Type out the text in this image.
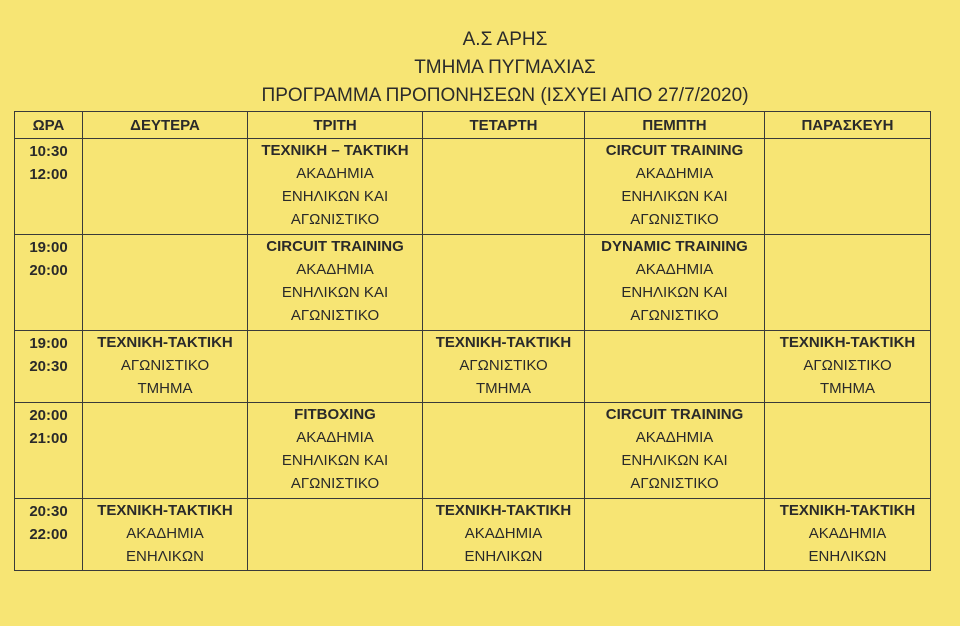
Α.Σ ΑΡΗΣ
ΤΜΗΜΑ ΠΥΓΜΑΧΙΑΣ
ΠΡΟΓΡΑΜΜΑ ΠΡΟΠΟΝΗΣΕΩΝ (ΙΣΧΥΕΙ ΑΠΟ 27/7/2020)
ΩΡΑ	ΔΕΥΤΕΡΑ	ΤΡΙΤΗ	ΤΕΤΑΡΤΗ	ΠΕΜΠΤΗ	ΠΑΡΑΣΚΕΥΗ

10:30
12:00		ΤΕΧΝΙΚΗ – ΤΑΚΤΙΚΗ
ΑΚΑΔΗΜΙΑ
ΕΝΗΛΙΚΩΝ ΚΑΙ
ΑΓΩΝΙΣΤΙΚΟ		CIRCUIT TRAINING
ΑΚΑΔΗΜΙΑ
ΕΝΗΛΙΚΩΝ ΚΑΙ
ΑΓΩΝΙΣΤΙΚΟ	

19:00
20:00		CIRCUIT TRAINING
ΑΚΑΔΗΜΙΑ
ΕΝΗΛΙΚΩΝ ΚΑΙ
ΑΓΩΝΙΣΤΙΚΟ		DYNAMIC TRAINING
ΑΚΑΔΗΜΙΑ
ΕΝΗΛΙΚΩΝ ΚΑΙ
ΑΓΩΝΙΣΤΙΚΟ	

19:00
20:30	ΤΕΧΝΙΚΗ-ΤΑΚΤΙΚΗ
ΑΓΩΝΙΣΤΙΚΟ
ΤΜΗΜΑ		ΤΕΧΝΙΚΗ-ΤΑΚΤΙΚΗ
ΑΓΩΝΙΣΤΙΚΟ
ΤΜΗΜΑ		ΤΕΧΝΙΚΗ-ΤΑΚΤΙΚΗ
ΑΓΩΝΙΣΤΙΚΟ
ΤΜΗΜΑ

20:00
21:00		FITBOXING
ΑΚΑΔΗΜΙΑ
ΕΝΗΛΙΚΩΝ ΚΑΙ
ΑΓΩΝΙΣΤΙΚΟ		CIRCUIT TRAINING
ΑΚΑΔΗΜΙΑ
ΕΝΗΛΙΚΩΝ ΚΑΙ
ΑΓΩΝΙΣΤΙΚΟ	

20:30
22:00	ΤΕΧΝΙΚΗ-ΤΑΚΤΙΚΗ
ΑΚΑΔΗΜΙΑ
ΕΝΗΛΙΚΩΝ		ΤΕΧΝΙΚΗ-ΤΑΚΤΙΚΗ
ΑΚΑΔΗΜΙΑ
ΕΝΗΛΙΚΩΝ		ΤΕΧΝΙΚΗ-ΤΑΚΤΙΚΗ
ΑΚΑΔΗΜΙΑ
ΕΝΗΛΙΚΩΝ
